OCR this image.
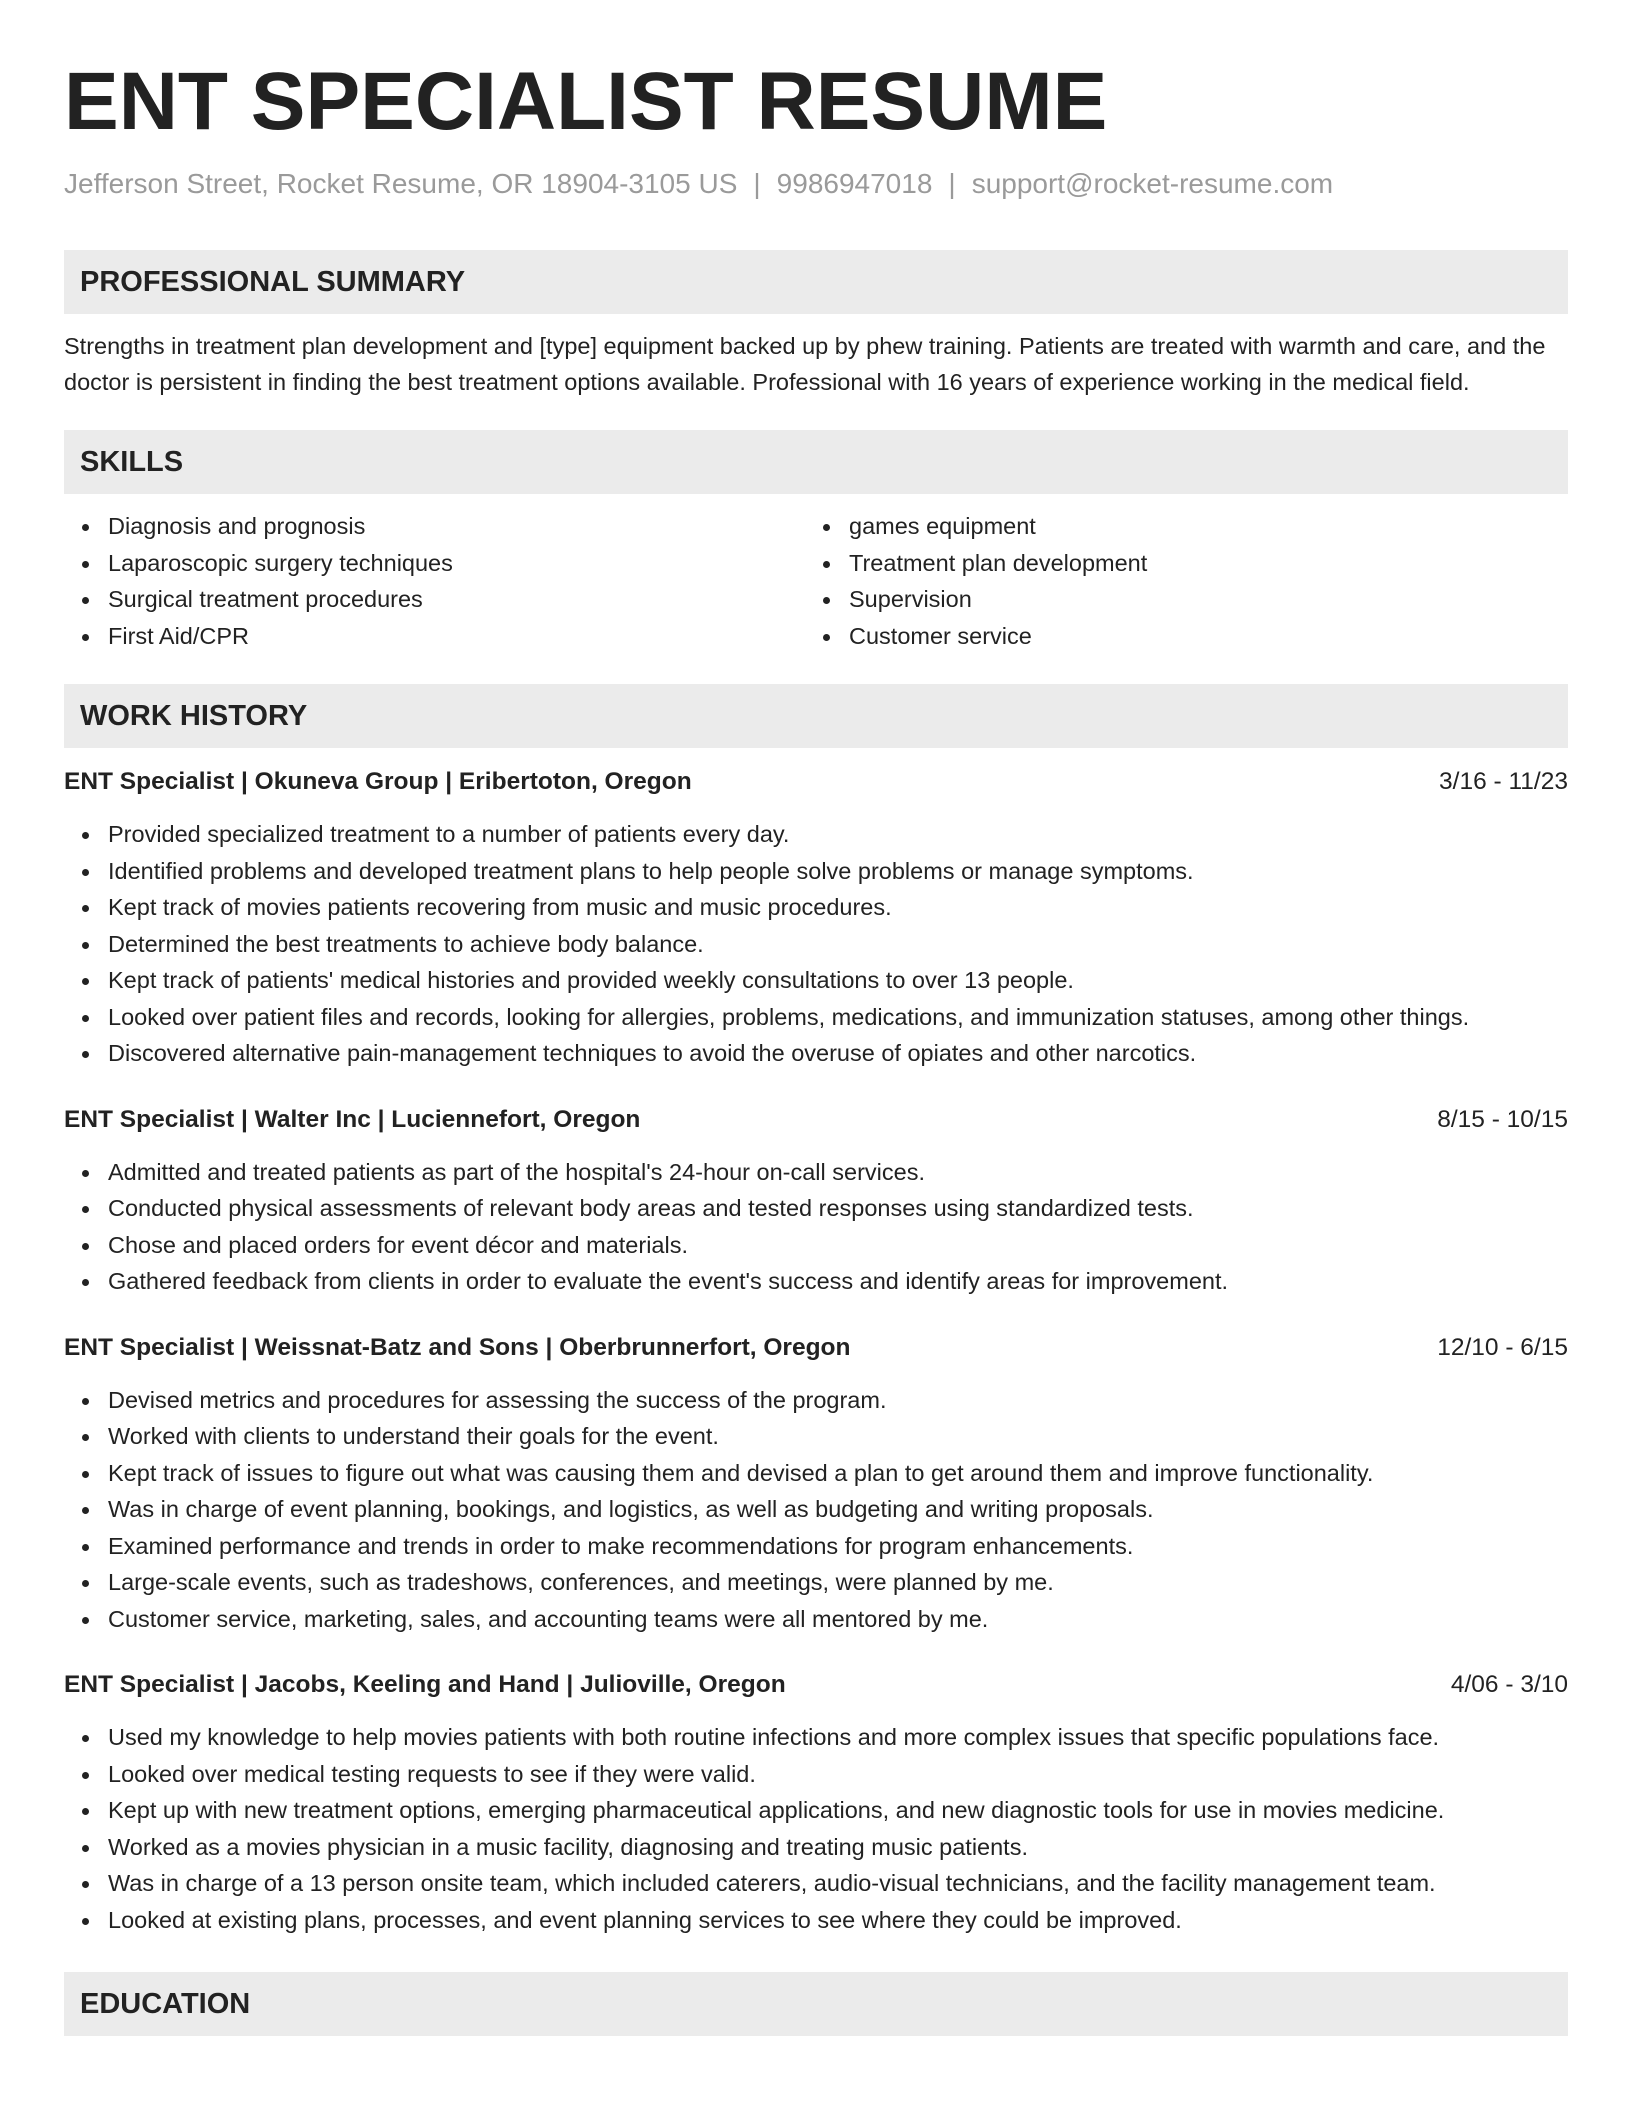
ENT SPECIALIST RESUME
Jefferson Street, Rocket Resume, OR 18904-3105 US | 9986947018 | support@rocket-resume.com
PROFESSIONAL SUMMARY
Strengths in treatment plan development and [type] equipment backed up by phew training. Patients are treated with warmth and care, and the doctor is persistent in finding the best treatment options available. Professional with 16 years of experience working in the medical field.
SKILLS
Diagnosis and prognosis
Laparoscopic surgery techniques
Surgical treatment procedures
First Aid/CPR
games equipment
Treatment plan development
Supervision
Customer service
WORK HISTORY
ENT Specialist | Okuneva Group | Eribertoton, Oregon	3/16 - 11/23
Provided specialized treatment to a number of patients every day.
Identified problems and developed treatment plans to help people solve problems or manage symptoms.
Kept track of movies patients recovering from music and music procedures.
Determined the best treatments to achieve body balance.
Kept track of patients' medical histories and provided weekly consultations to over 13 people.
Looked over patient files and records, looking for allergies, problems, medications, and immunization statuses, among other things.
Discovered alternative pain-management techniques to avoid the overuse of opiates and other narcotics.
ENT Specialist | Walter Inc | Luciennefort, Oregon	8/15 - 10/15
Admitted and treated patients as part of the hospital's 24-hour on-call services.
Conducted physical assessments of relevant body areas and tested responses using standardized tests.
Chose and placed orders for event décor and materials.
Gathered feedback from clients in order to evaluate the event's success and identify areas for improvement.
ENT Specialist | Weissnat-Batz and Sons | Oberbrunnerfort, Oregon	12/10 - 6/15
Devised metrics and procedures for assessing the success of the program.
Worked with clients to understand their goals for the event.
Kept track of issues to figure out what was causing them and devised a plan to get around them and improve functionality.
Was in charge of event planning, bookings, and logistics, as well as budgeting and writing proposals.
Examined performance and trends in order to make recommendations for program enhancements.
Large-scale events, such as tradeshows, conferences, and meetings, were planned by me.
Customer service, marketing, sales, and accounting teams were all mentored by me.
ENT Specialist | Jacobs, Keeling and Hand | Julioville, Oregon	4/06 - 3/10
Used my knowledge to help movies patients with both routine infections and more complex issues that specific populations face.
Looked over medical testing requests to see if they were valid.
Kept up with new treatment options, emerging pharmaceutical applications, and new diagnostic tools for use in movies medicine.
Worked as a movies physician in a music facility, diagnosing and treating music patients.
Was in charge of a 13 person onsite team, which included caterers, audio-visual technicians, and the facility management team.
Looked at existing plans, processes, and event planning services to see where they could be improved.
EDUCATION
